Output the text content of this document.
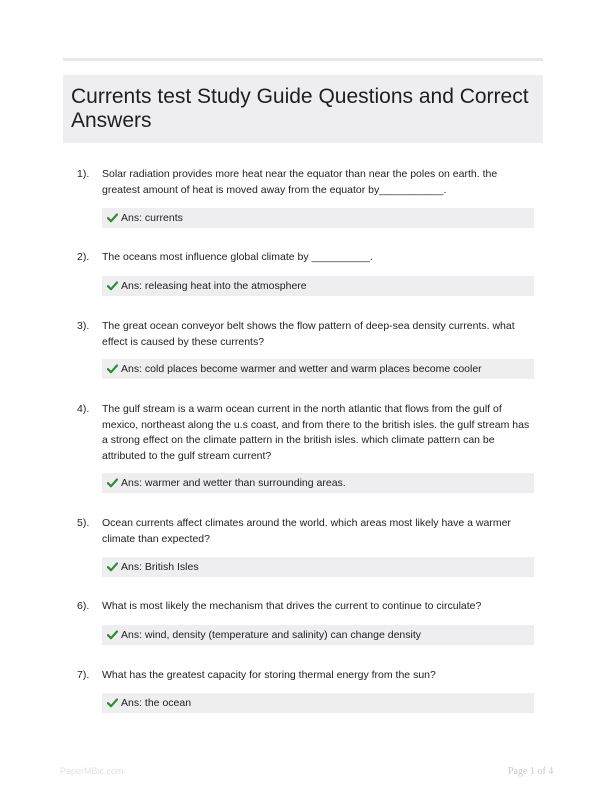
Currents test Study Guide Questions and Correct Answers
1). Solar radiation provides more heat near the equator than near the poles on earth. the greatest amount of heat is moved away from the equator by___________.
Ans: currents
2). The oceans most influence global climate by __________.
Ans: releasing heat into the atmosphere
3). The great ocean conveyor belt shows the flow pattern of deep-sea density currents. what effect is caused by these currents?
Ans: cold places become warmer and wetter and warm places become cooler
4). The gulf stream is a warm ocean current in the north atlantic that flows from the gulf of mexico, northeast along the u.s coast, and from there to the british isles. the gulf stream has a strong effect on the climate pattern in the british isles. which climate pattern can be attributed to the gulf stream current?
Ans: warmer and wetter than surrounding areas.
5). Ocean currents affect climates around the world. which areas most likely have a warmer climate than expected?
Ans: British Isles
6). What is most likely the mechanism that drives the current to continue to circulate?
Ans: wind, density (temperature and salinity) can change density
7). What has the greatest capacity for storing thermal energy from the sun?
Ans: the ocean
PaperMBic.com	Page 1 of 4
